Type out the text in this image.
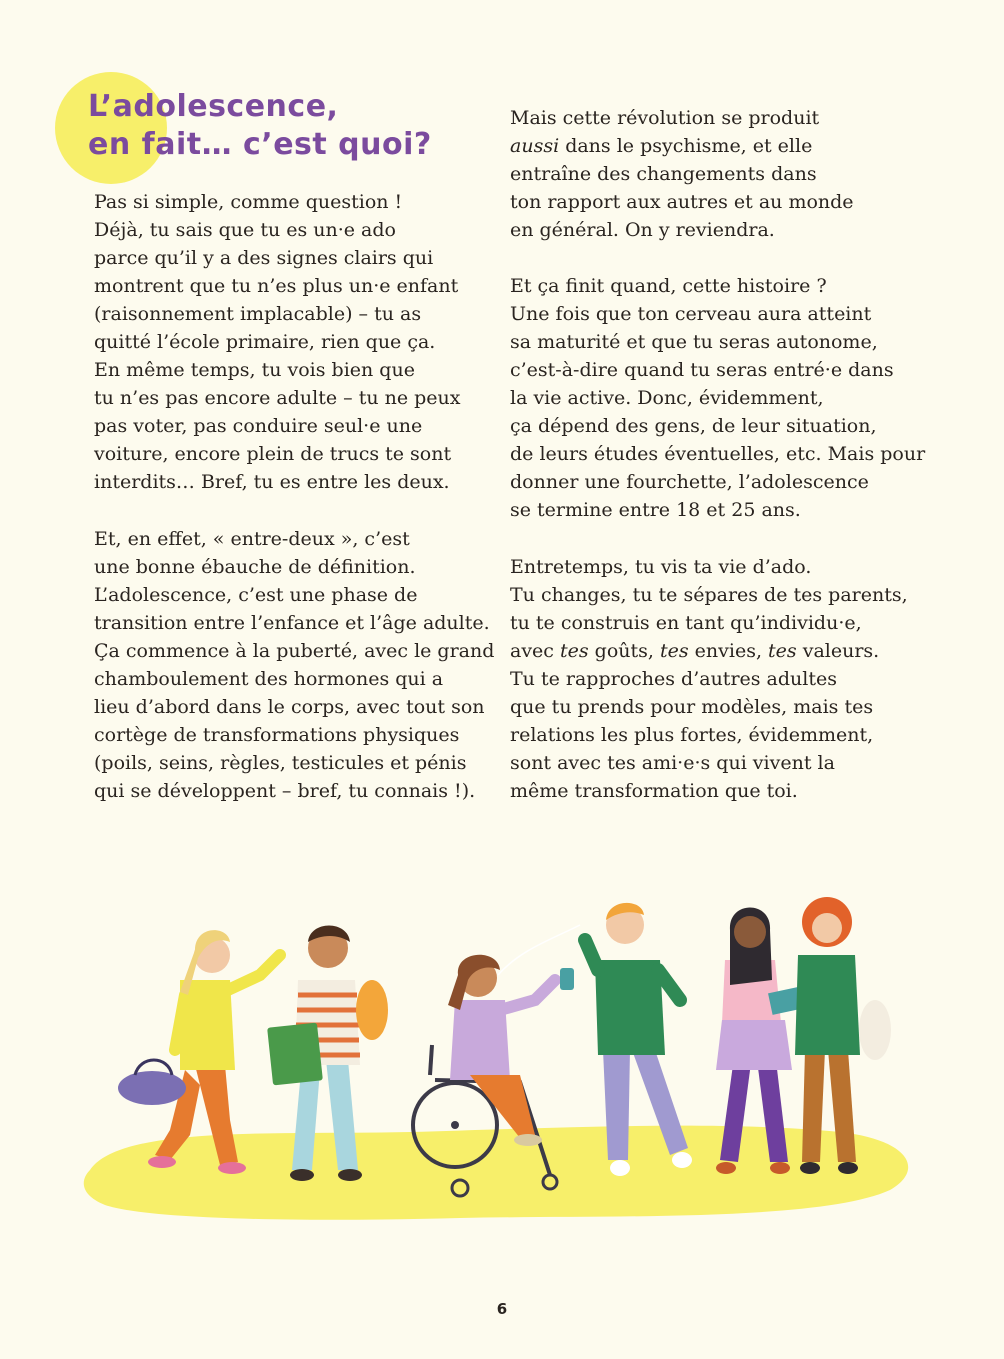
L’adolescence,
en fait… c’est quoi?

Pas si simple, comme question !
Déjà, tu sais que tu es un·e ado
parce qu’il y a des signes clairs qui
montrent que tu n’es plus un·e enfant
(raisonnement implacable) – tu as
quitté l’école primaire, rien que ça.
En même temps, tu vois bien que
tu n’es pas encore adulte – tu ne peux
pas voter, pas conduire seul·e une
voiture, encore plein de trucs te sont
interdits… Bref, tu es entre les deux.

Et, en effet, « entre-deux », c’est
une bonne ébauche de définition.
L’adolescence, c’est une phase de
transition entre l’enfance et l’âge adulte.
Ça commence à la puberté, avec le grand
chamboulement des hormones qui a
lieu d’abord dans le corps, avec tout son
cortège de transformations physiques
(poils, seins, règles, testicules et pénis
qui se développent – bref, tu connais !).

Mais cette révolution se produit
aussi dans le psychisme, et elle
entraîne des changements dans
ton rapport aux autres et au monde
en général. On y reviendra.

Et ça finit quand, cette histoire ?
Une fois que ton cerveau aura atteint
sa maturité et que tu seras autonome,
c’est-à-dire quand tu seras entré·e dans
la vie active. Donc, évidemment,
ça dépend des gens, de leur situation,
de leurs études éventuelles, etc. Mais pour
donner une fourchette, l’adolescence
se termine entre 18 et 25 ans.

Entretemps, tu vis ta vie d’ado.
Tu changes, tu te sépares de tes parents,
tu te construis en tant qu’individu·e,
avec tes goûts, tes envies, tes valeurs.
Tu te rapproches d’autres adultes
que tu prends pour modèles, mais tes
relations les plus fortes, évidemment,
sont avec tes ami·e·s qui vivent la
même transformation que toi.

6
